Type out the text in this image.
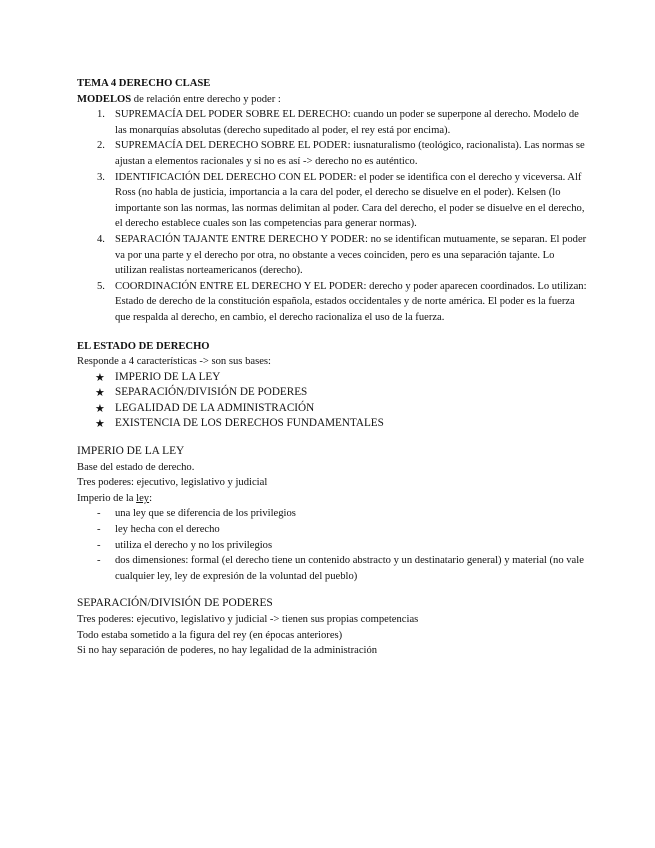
TEMA 4 DERECHO CLASE

MODELOS de relación entre derecho y poder :

1. SUPREMACÍA DEL PODER SOBRE EL DERECHO: cuando un poder se superpone al derecho. Modelo de las monarquías absolutas (derecho supeditado al poder, el rey está por encima).
2. SUPREMACÍA DEL DERECHO SOBRE EL PODER: iusnaturalismo (teológico, racionalista). Las normas se ajustan a elementos racionales y si no es así -> derecho no es auténtico.
3. IDENTIFICACIÓN DEL DERECHO CON EL PODER: el poder se identifica con el derecho y viceversa. Alf Ross (no habla de justicia, importancia a la cara del poder, el derecho se disuelve en el poder). Kelsen (lo importante son las normas, las normas delimitan al poder. Cara del derecho, el poder se disuelve en el derecho, el derecho establece cuales son las competencias para generar normas).
4. SEPARACIÓN TAJANTE ENTRE DERECHO Y PODER: no se identifican mutuamente, se separan. El poder va por una parte y el derecho por otra, no obstante a veces coinciden, pero es una separación tajante. Lo utilizan realistas norteamericanos (derecho).
5. COORDINACIÓN ENTRE EL DERECHO Y EL PODER: derecho y poder aparecen coordinados. Lo utilizan: Estado de derecho de la constitución española, estados occidentales y de norte américa. El poder es la fuerza que respalda al derecho, en cambio, el derecho racionaliza el uso de la fuerza.

EL ESTADO DE DERECHO

Responde a 4 características -> son sus bases:

★ IMPERIO DE LA LEY
★ SEPARACIÓN/DIVISIÓN DE PODERES
★ LEGALIDAD DE LA ADMINISTRACIÓN
★ EXISTENCIA DE LOS DERECHOS FUNDAMENTALES

IMPERIO DE LA LEY

Base del estado de derecho.

Tres poderes: ejecutivo, legislativo y judicial

Imperio de la ley:

- una ley que se diferencia de los privilegios
- ley hecha con el derecho
- utiliza el derecho y no los privilegios
- dos dimensiones: formal (el derecho tiene un contenido abstracto y un destinatario general) y material (no vale cualquier ley, ley de expresión de la voluntad del pueblo)

SEPARACIÓN/DIVISIÓN DE PODERES

Tres poderes: ejecutivo, legislativo y judicial -> tienen sus propias competencias

Todo estaba sometido a la figura del rey (en épocas anteriores)

Si no hay separación de poderes, no hay legalidad de la administración
